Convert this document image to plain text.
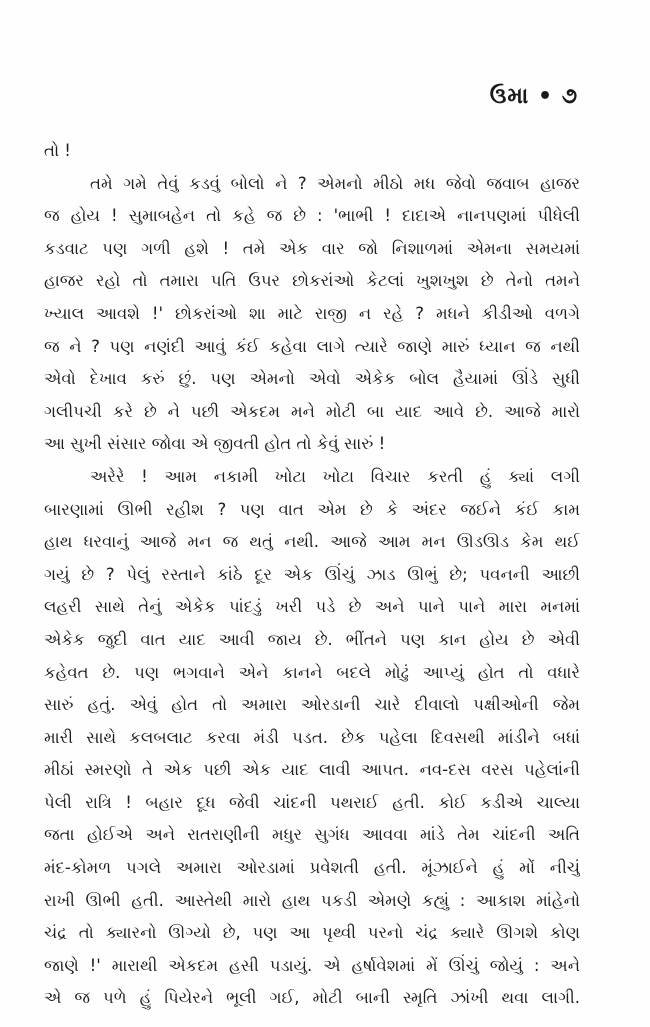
ઉમા • ૭
તો !
તમે ગમે તેવું કડવું બોલો ને ? એમનો મીઠો મધ જેવો જવાબ હાજર
જ હોય ! સુમાબહેન તો કહે જ છે : 'ભાભી ! દાદાએ નાનપણમાં પીધેલી
કડવાટ પણ ગળી હશે ! તમે એક વાર જો નિશાળમાં એમના સમયમાં
હાજર રહો તો તમારા પતિ ઉપર છોકરાંઓ કેટલાં ખુશખુશ છે તેનો તમને
ખ્યાલ આવશે !' છોકરાંઓ શા માટે રાજી ન રહે ? મધને કીડીઓ વળગે
જ ને ? પણ નણંદી આવું કંઈ કહેવા લાગે ત્યારે જાણે મારું ધ્યાન જ નથી
એવો દેખાવ કરું છું. પણ એમનો એવો એકેક બોલ હૈયામાં ઊંડે સુધી
ગલીપચી કરે છે ને પછી એકદમ મને મોટી બા યાદ આવે છે. આજે મારો
આ સુખી સંસાર જોવા એ જીવતી હોત તો કેવું સારું !
અરેરે ! આમ નકામી ખોટા ખોટા વિચાર કરતી હું ક્યાં લગી
બારણામાં ઊભી રહીશ ? પણ વાત એમ છે કે અંદર જઈને કંઈ કામ
હાથ ધરવાનું આજે મન જ થતું નથી. આજે આમ મન ઊડઊડ કેમ થઈ
ગયું છે ? પેલું રસ્તાને કાંઠે દૂર એક ઊંચું ઝાડ ઊભું છે; પવનની આછી
લહરી સાથે તેનું એકેક પાંદડું ખરી પડે છે અને પાને પાને મારા મનમાં
એકેક જુદી વાત યાદ આવી જાય છે. ભીંતને પણ કાન હોય છે એવી
કહેવત છે. પણ ભગવાને એને કાનને બદલે મોઢું આપ્યું હોત તો વધારે
સારું હતું. એવું હોત તો અમારા ઓરડાની ચારે દીવાલો પક્ષીઓની જેમ
મારી સાથે કલબલાટ કરવા મંડી પડત. છેક પહેલા દિવસથી માંડીને બધાં
મીઠાં સ્મરણો તે એક પછી એક યાદ લાવી આપત. નવ-દસ વરસ પહેલાંની
પેલી રાત્રિ ! બહાર દૂધ જેવી ચાંદની પથરાઈ હતી. કોઈ કડીએ ચાલ્યા
જતા હોઈએ અને રાતરાણીની મધુર સુગંધ આવવા માંડે તેમ ચાંદની અતિ
મંદ-કોમળ પગલે અમારા ઓરડામાં પ્રવેશતી હતી. મૂંઝાઈને હું મોં નીચું
રાખી ઊભી હતી. આસ્તેથી મારો હાથ પકડી એમણે કહ્યું : આકાશ માંહેનો
ચંદ્ર તો ક્યારનો ઊગ્યો છે, પણ આ પૃથ્વી પરનો ચંદ્ર ક્યારે ઊગશે કોણ
જાણે !' મારાથી એકદમ હસી પડાયું. એ હર્ષાવેશમાં મેં ઊંચું જોયું : અને
એ જ પળે હું પિયેરને ભૂલી ગઈ, મોટી બાની સ્મૃતિ ઝાંખી થવા લાગી.
